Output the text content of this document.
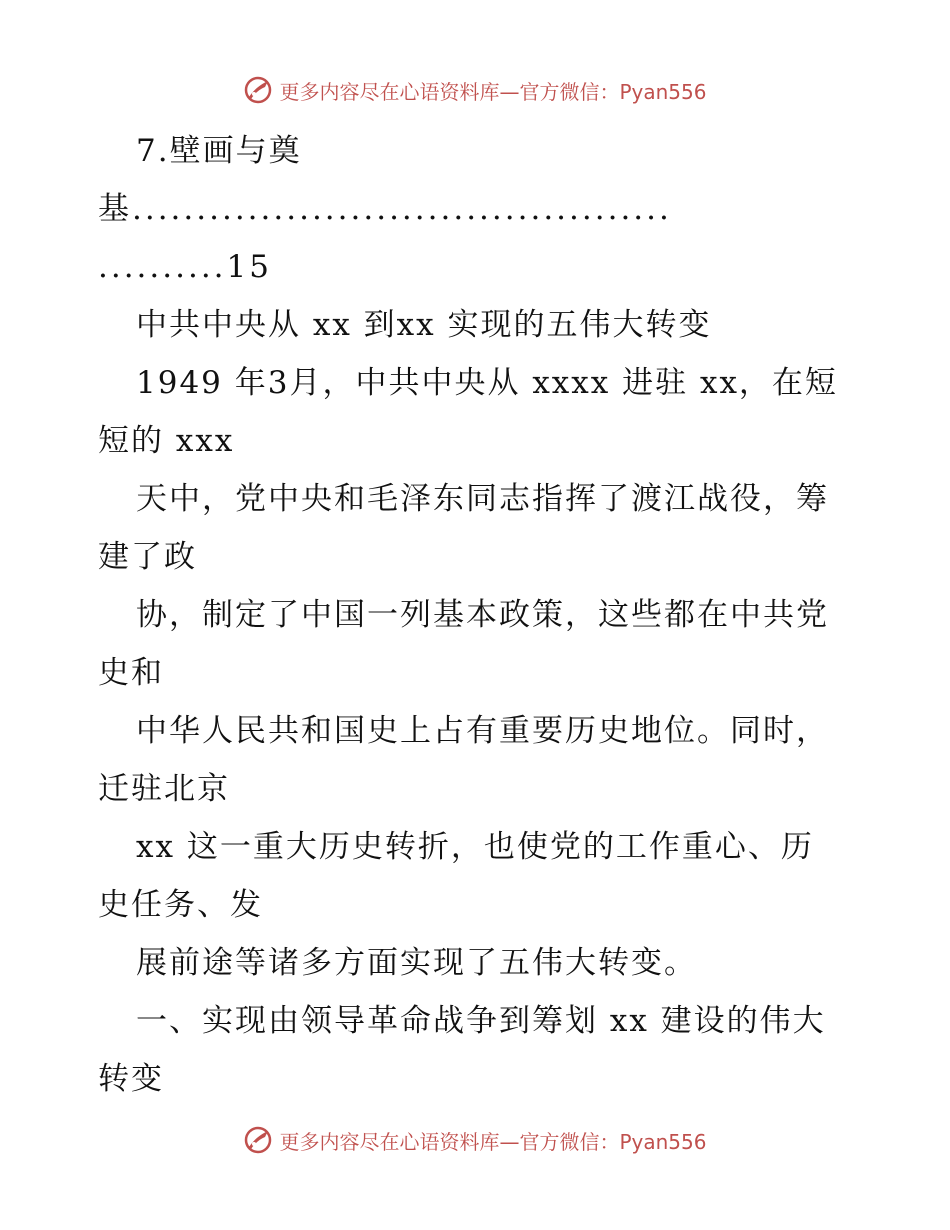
更多内容尽在心语资料库—官方微信：Pyan556
7.壁画与奠
基..........................................
..........15
中共中央从 xx 到xx 实现的五伟大转变
1949 年3月，中共中央从 xxxx 进驻 xx，在短
短的 xxx
天中，党中央和毛泽东同志指挥了渡江战役，筹
建了政
协，制定了中国一列基本政策，这些都在中共党
史和
中华人民共和国史上占有重要历史地位。同时，
迁驻北京
xx 这一重大历史转折，也使党的工作重心、历
史任务、发
展前途等诸多方面实现了五伟大转变。
一、实现由领导革命战争到筹划 xx 建设的伟大
转变
更多内容尽在心语资料库—官方微信：Pyan556
